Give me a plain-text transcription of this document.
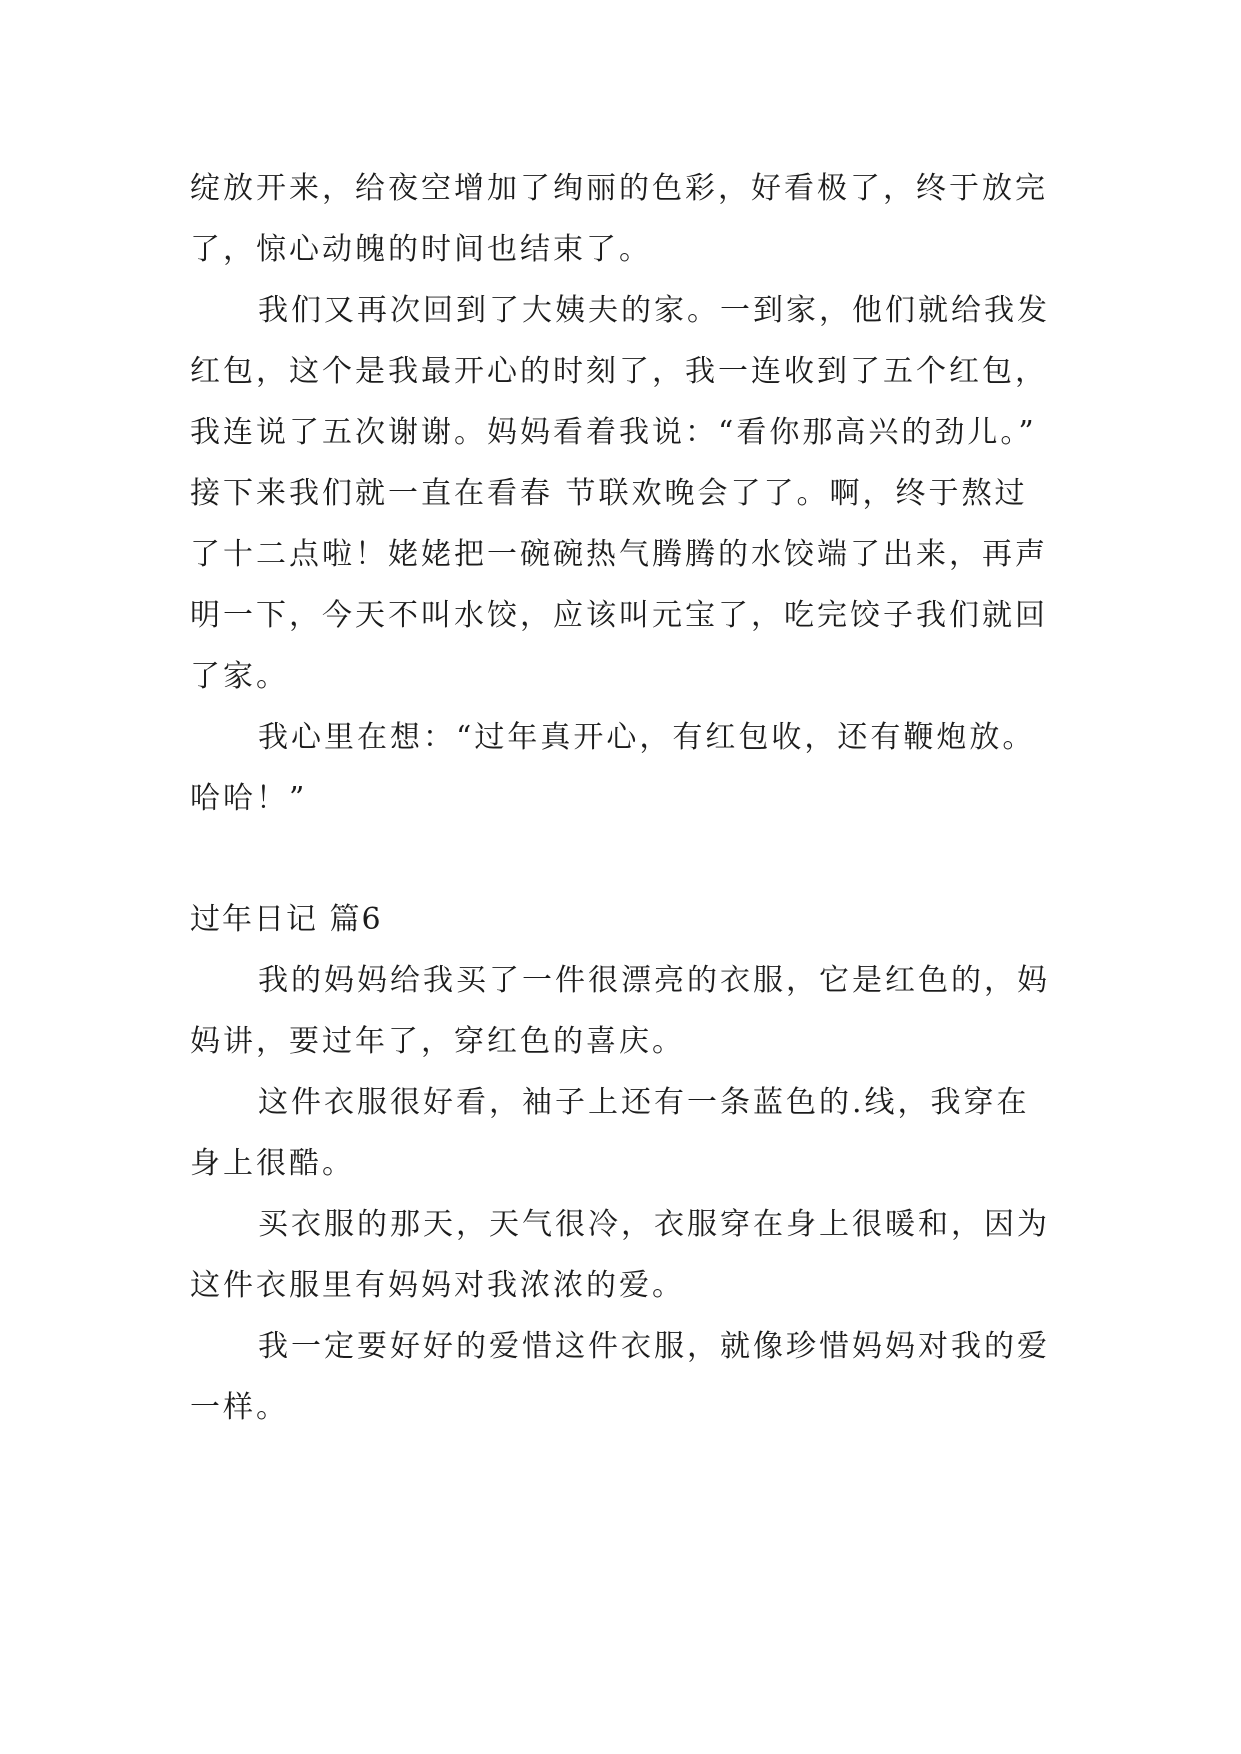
绽放开来，给夜空增加了绚丽的色彩，好看极了，终于放完
了，惊心动魄的时间也结束了。
我们又再次回到了大姨夫的家。一到家，他们就给我发
红包，这个是我最开心的时刻了，我一连收到了五个红包，
我连说了五次谢谢。妈妈看着我说：“看你那高兴的劲儿。”
接下来我们就一直在看春 节联欢晚会了了。啊，终于熬过
了十二点啦！姥姥把一碗碗热气腾腾的水饺端了出来，再声
明一下，今天不叫水饺，应该叫元宝了，吃完饺子我们就回
了家。
我心里在想：“过年真开心，有红包收，还有鞭炮放。
哈哈！”
过年日记 篇6
我的妈妈给我买了一件很漂亮的衣服，它是红色的，妈
妈讲，要过年了，穿红色的喜庆。
这件衣服很好看，袖子上还有一条蓝色的.线，我穿在
身上很酷。
买衣服的那天，天气很冷，衣服穿在身上很暖和，因为
这件衣服里有妈妈对我浓浓的爱。
我一定要好好的爱惜这件衣服，就像珍惜妈妈对我的爱
一样。
